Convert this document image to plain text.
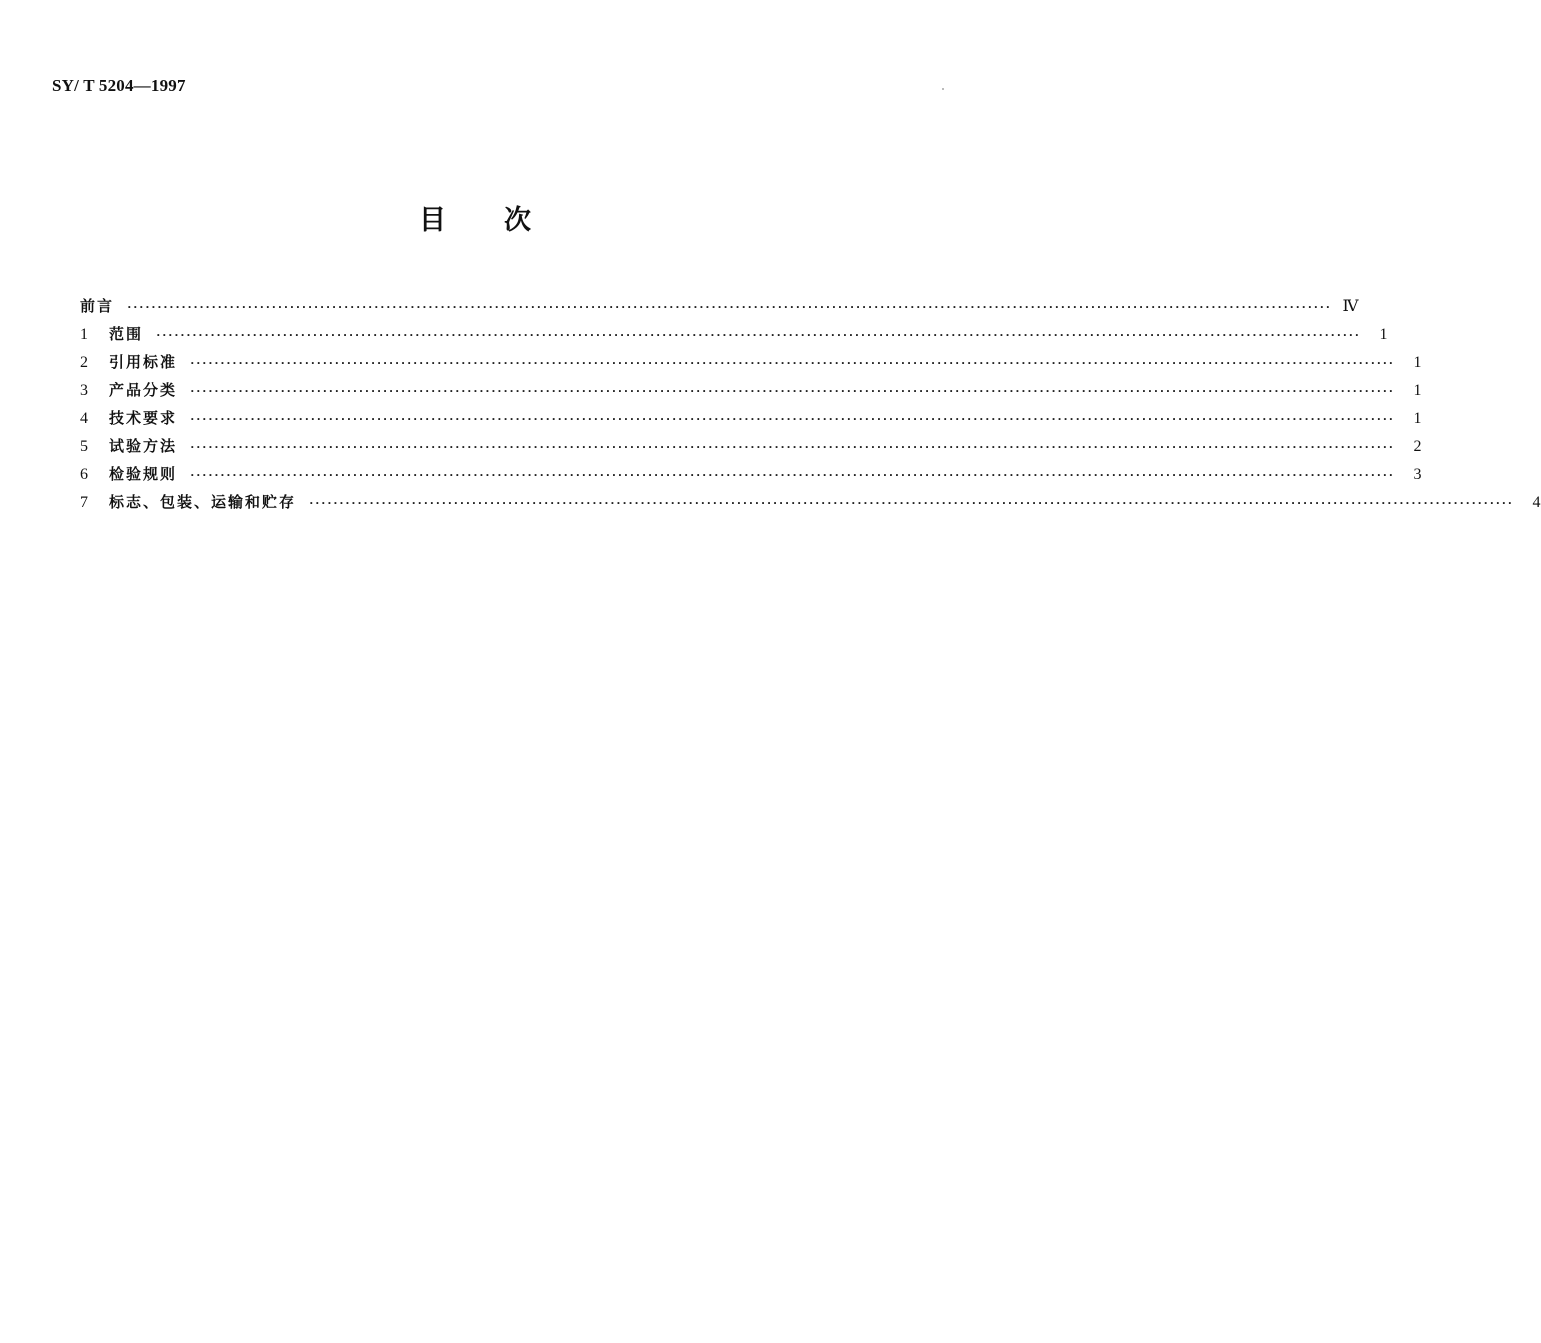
SY/ T 5204—1997
目次
前言	········································································································································································································ Ⅳ
1	范围	········································································································································································································	1
2	引用标准	········································································································································································································	1
3	产品分类	········································································································································································································	1
4	技术要求	········································································································································································································	1
5	试验方法	········································································································································································································	2
6	检验规则	········································································································································································································	3
7	标志、包装、运输和贮存	········································································································································································································	4
